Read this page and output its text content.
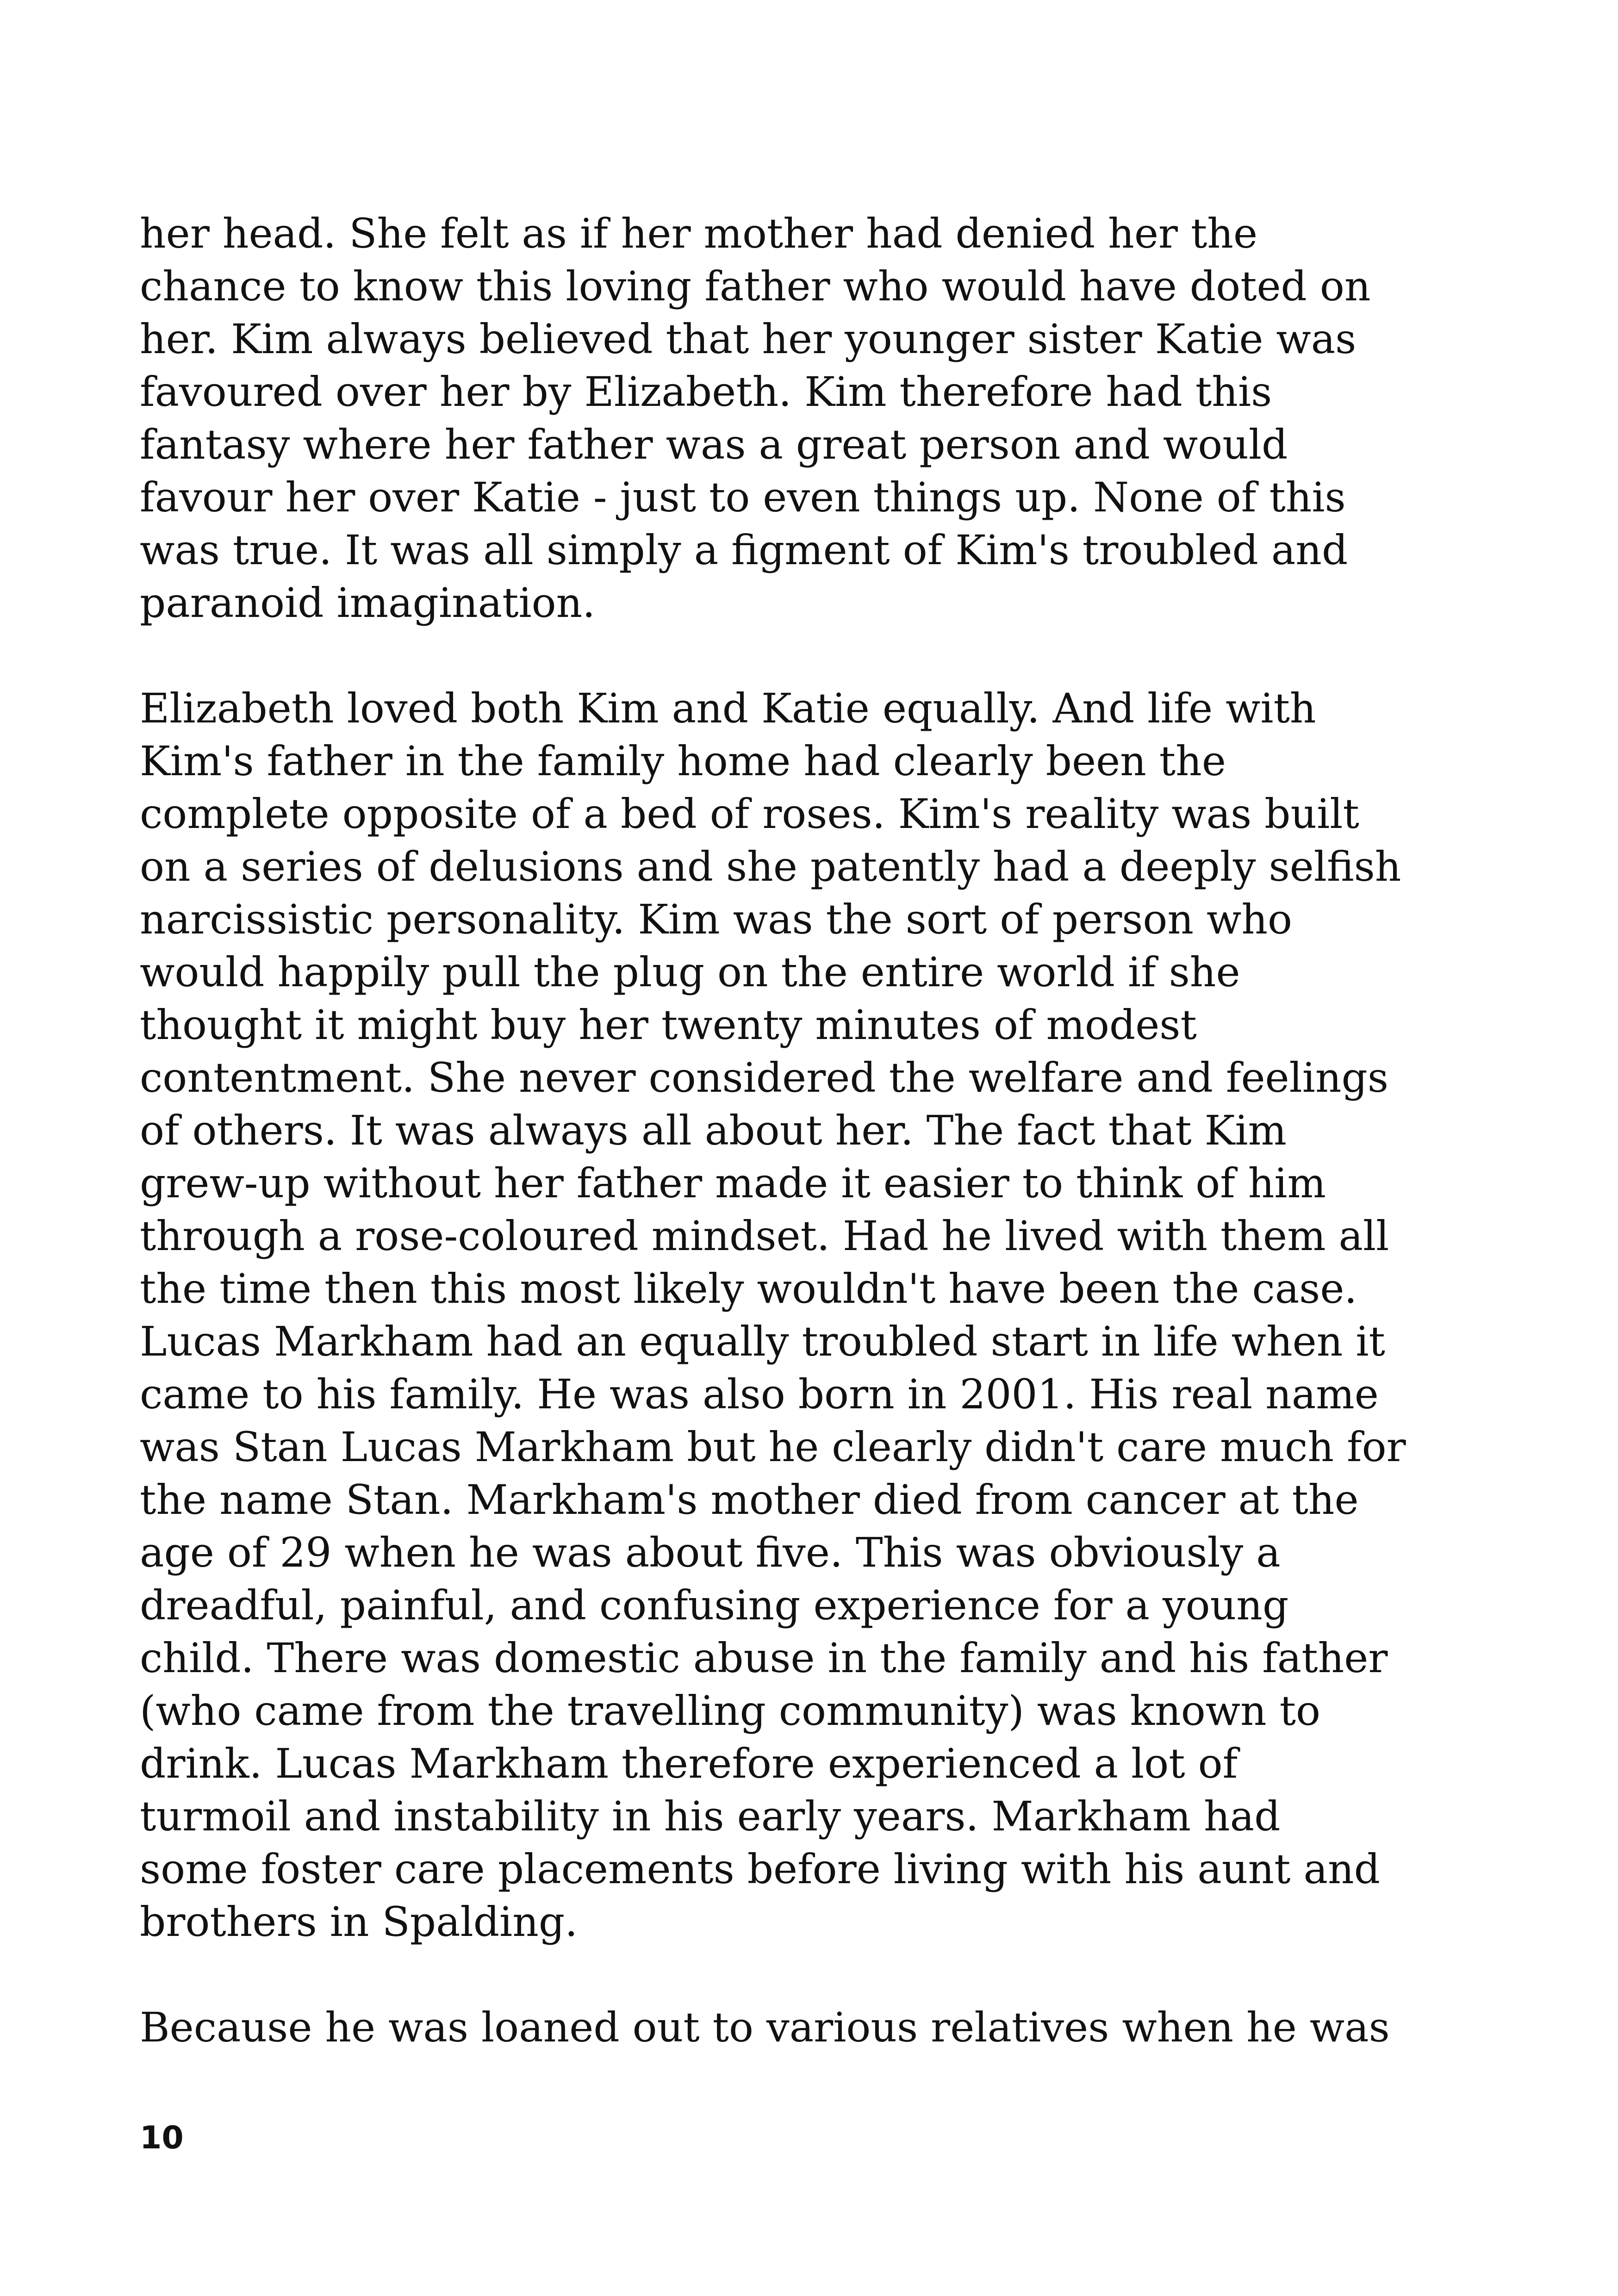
her head. She felt as if her mother had denied her the
chance to know this loving father who would have doted on
her. Kim always believed that her younger sister Katie was
favoured over her by Elizabeth. Kim therefore had this
fantasy where her father was a great person and would
favour her over Katie - just to even things up. None of this
was true. It was all simply a figment of Kim's troubled and
paranoid imagination.

Elizabeth loved both Kim and Katie equally. And life with
Kim's father in the family home had clearly been the
complete opposite of a bed of roses. Kim's reality was built
on a series of delusions and she patently had a deeply selfish
narcissistic personality. Kim was the sort of person who
would happily pull the plug on the entire world if she
thought it might buy her twenty minutes of modest
contentment. She never considered the welfare and feelings
of others. It was always all about her. The fact that Kim
grew-up without her father made it easier to think of him
through a rose-coloured mindset. Had he lived with them all
the time then this most likely wouldn't have been the case.
Lucas Markham had an equally troubled start in life when it
came to his family. He was also born in 2001. His real name
was Stan Lucas Markham but he clearly didn't care much for
the name Stan. Markham's mother died from cancer at the
age of 29 when he was about five. This was obviously a
dreadful, painful, and confusing experience for a young
child. There was domestic abuse in the family and his father
(who came from the travelling community) was known to
drink. Lucas Markham therefore experienced a lot of
turmoil and instability in his early years. Markham had
some foster care placements before living with his aunt and
brothers in Spalding.

Because he was loaned out to various relatives when he was

10
